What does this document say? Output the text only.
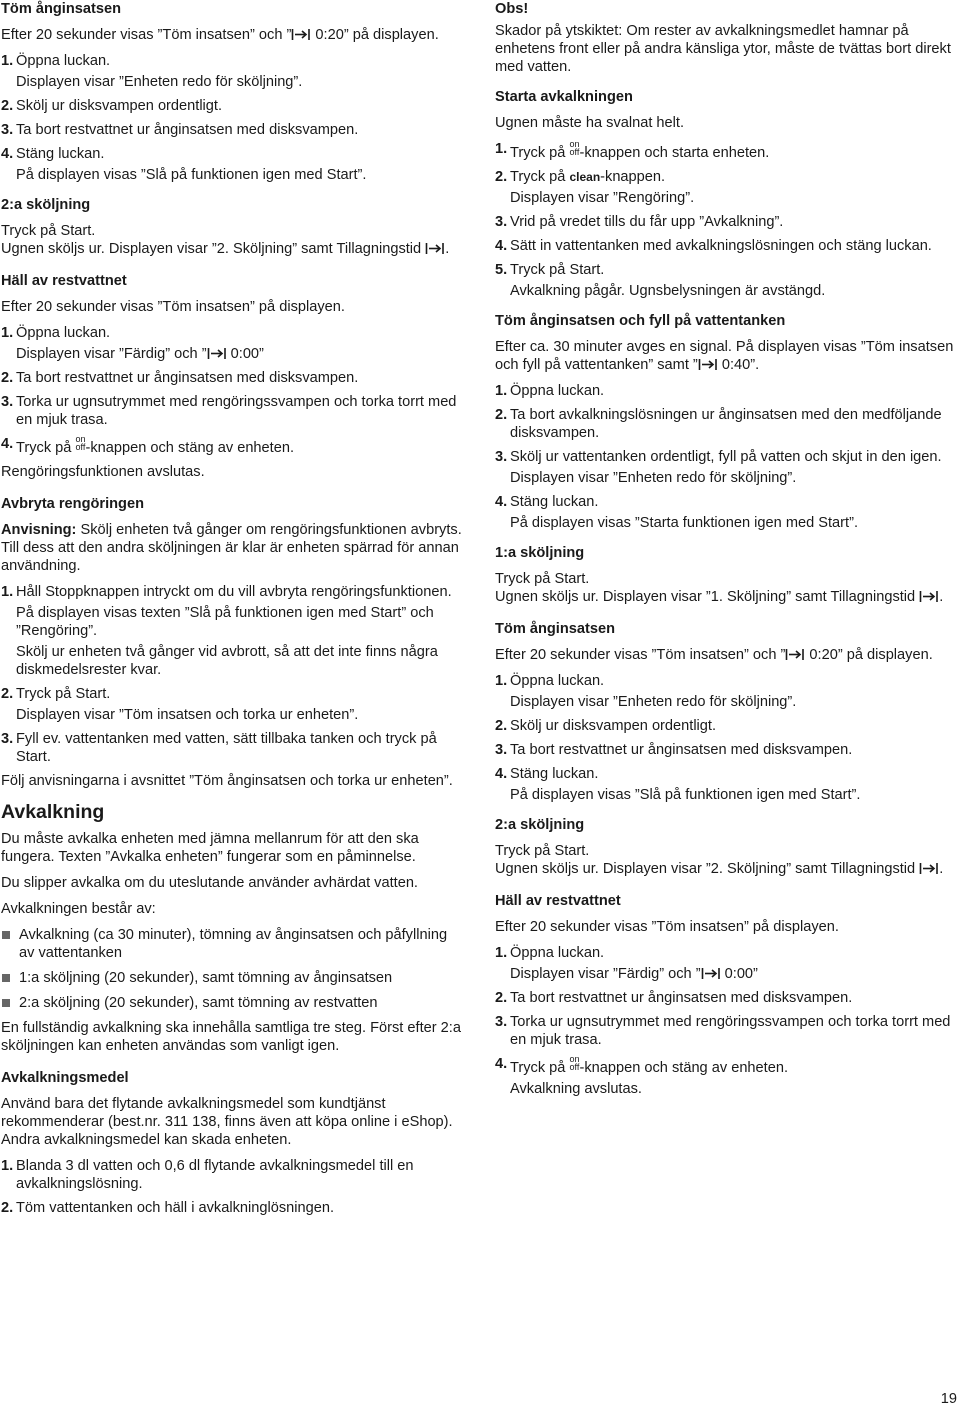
Töm ånginsatsen
Efter 20 sekunder visas ”Töm insatsen” och ”
0:20” på displayen.
1. Öppna luckan.
Displayen visar ”Enheten redo för sköljning”.
2. Skölj ur disksvampen ordentligt.
3. Ta bort restvattnet ur ånginsatsen med disksvampen.
4. Stäng luckan.
På displayen visas ”Slå på funktionen igen med Start”.
2:a sköljning
Tryck på Start.
Ugnen sköljs ur. Displayen visar ”2. Sköljning” samt Tillagningstid .
Häll av restvattnet
Efter 20 sekunder visas ”Töm insatsen” på displayen.
1. Öppna luckan.
Displayen visar ”Färdig” och ”
0:00”
2. Ta bort restvattnet ur ånginsatsen med disksvampen.
3. Torka ur ugnsutrymmet med rengöringssvampen och torka torrt med en mjuk trasa.
4. Tryck på on
off-knappen och stäng av enheten.
Rengöringsfunktionen avslutas.
Avbryta rengöringen
Anvisning: Skölj enheten två gånger om rengöringsfunktionen avbryts. Till dess att den andra sköljningen är klar är enheten spärrad för annan användning.
1. Håll Stoppknappen intryckt om du vill avbryta rengöringsfunktionen.
På displayen visas texten ”Slå på funktionen igen med Start” och ”Rengöring”.
Skölj ur enheten två gånger vid avbrott, så att det inte finns några diskmedelsrester kvar.
2. Tryck på Start.
Displayen visar ”Töm insatsen och torka ur enheten”.
3. Fyll ev. vattentanken med vatten, sätt tillbaka tanken och tryck på Start.
Följ anvisningarna i avsnittet ”Töm ånginsatsen och torka ur enheten”.
Avkalkning
Du måste avkalka enheten med jämna mellanrum för att den ska fungera. Texten ”Avkalka enheten” fungerar som en påminnelse.
Du slipper avkalka om du uteslutande använder avhärdat vatten.
Avkalkningen består av:
Avkalkning (ca 30 minuter), tömning av ånginsatsen och påfyllning av vattentanken
1:a sköljning (20 sekunder), samt tömning av ånginsatsen
2:a sköljning (20 sekunder), samt tömning av restvatten
En fullständig avkalkning ska innehålla samtliga tre steg. Först efter 2:a sköljningen kan enheten användas som vanligt igen.
Avkalkningsmedel
Använd bara det flytande avkalkningsmedel som kundtjänst rekommenderar (best.nr. 311 138, finns även att köpa online i eShop). Andra avkalkningsmedel kan skada enheten.
1. Blanda 3 dl vatten och 0,6 dl flytande avkalkningsmedel till en avkalkningslösning.
2. Töm vattentanken och häll i avkalkninglösningen.
Obs!
Skador på ytskiktet: Om rester av avkalkningsmedlet hamnar på enhetens front eller på andra känsliga ytor, måste de tvättas bort direkt med vatten.
Starta avkalkningen
Ugnen måste ha svalnat helt.
1. Tryck på on
off-knappen och starta enheten.
2. Tryck på clean-knappen.
Displayen visar ”Rengöring”.
3. Vrid på vredet tills du får upp ”Avkalkning”.
4. Sätt in vattentanken med avkalkningslösningen och stäng luckan.
5. Tryck på Start.
Avkalkning pågår. Ugnsbelysningen är avstängd.
Töm ånginsatsen och fyll på vattentanken
Efter ca. 30 minuter avges en signal. På displayen visas ”Töm insatsen och fyll på vattentanken” samt ”
0:40”.
1. Öppna luckan.
2. Ta bort avkalkningslösningen ur ånginsatsen med den medföljande disksvampen.
3. Skölj ur vattentanken ordentligt, fyll på vatten och skjut in den igen.
Displayen visar ”Enheten redo för sköljning”.
4. Stäng luckan.
På displayen visas ”Starta funktionen igen med Start”.
1:a sköljning
Tryck på Start.
Ugnen sköljs ur. Displayen visar ”1. Sköljning” samt Tillagningstid .
Töm ånginsatsen
Efter 20 sekunder visas ”Töm insatsen” och ”
0:20” på displayen.
1. Öppna luckan.
Displayen visar ”Enheten redo för sköljning”.
2. Skölj ur disksvampen ordentligt.
3. Ta bort restvattnet ur ånginsatsen med disksvampen.
4. Stäng luckan.
På displayen visas ”Slå på funktionen igen med Start”.
2:a sköljning
Tryck på Start.
Ugnen sköljs ur. Displayen visar ”2. Sköljning” samt Tillagningstid .
Häll av restvattnet
Efter 20 sekunder visas ”Töm insatsen” på displayen.
1. Öppna luckan.
Displayen visar ”Färdig” och ”
0:00”
2. Ta bort restvattnet ur ånginsatsen med disksvampen.
3. Torka ur ugnsutrymmet med rengöringssvampen och torka torrt med en mjuk trasa.
4. Tryck på on
off-knappen och stäng av enheten.
Avkalkning avslutas.
19
